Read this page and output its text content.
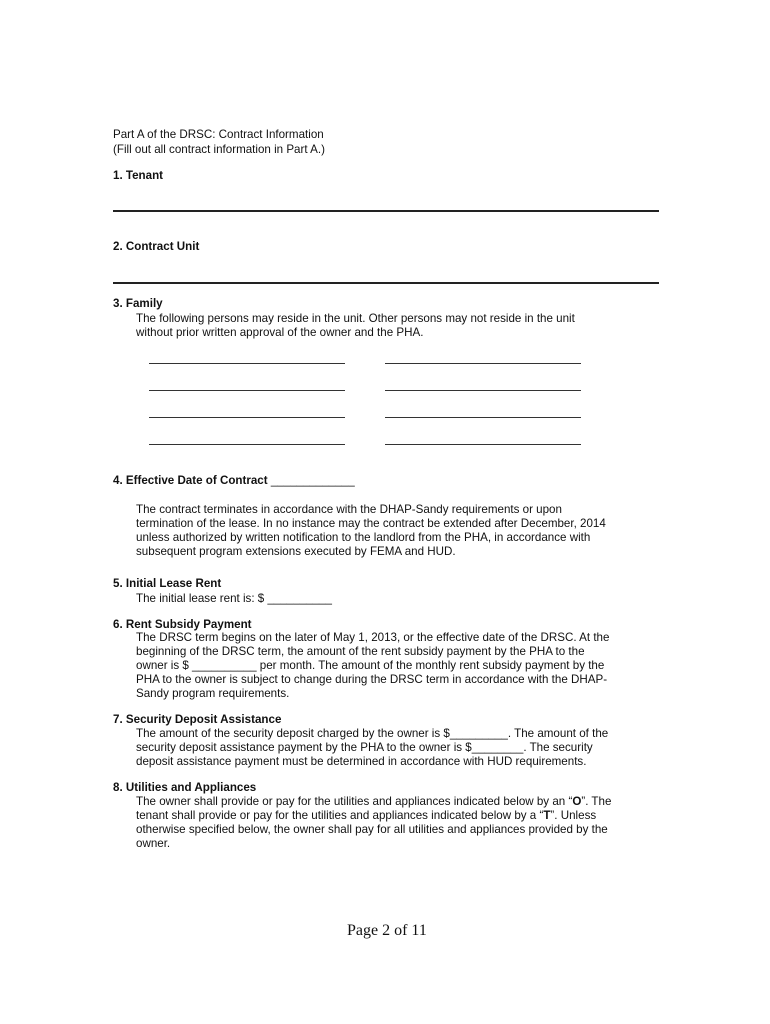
Part A of the DRSC: Contract Information
(Fill out all contract information in Part A.)
1. Tenant
2. Contract Unit
3. Family
The following persons may reside in the unit. Other persons may not reside in the unit
without prior written approval of the owner and the PHA.
4. Effective Date of Contract _____________
The contract terminates in accordance with the DHAP-Sandy requirements or upon
termination of the lease. In no instance may the contract be extended after December, 2014
unless authorized by written notification to the landlord from the PHA, in accordance with
subsequent program extensions executed by FEMA and HUD.
5. Initial Lease Rent
The initial lease rent is: $ __________
6. Rent Subsidy Payment
The DRSC term begins on the later of May 1, 2013, or the effective date of the DRSC. At the
beginning of the DRSC term, the amount of the rent subsidy payment by the PHA to the
owner is $ __________ per month. The amount of the monthly rent subsidy payment by the
PHA to the owner is subject to change during the DRSC term in accordance with the DHAP-
Sandy program requirements.
7. Security Deposit Assistance
The amount of the security deposit charged by the owner is $_________. The amount of the
security deposit assistance payment by the PHA to the owner is $________. The security
deposit assistance payment must be determined in accordance with HUD requirements.
8. Utilities and Appliances
The owner shall provide or pay for the utilities and appliances indicated below by an “O”. The
tenant shall provide or pay for the utilities and appliances indicated below by a “T”. Unless
otherwise specified below, the owner shall pay for all utilities and appliances provided by the
owner.
Page 2 of 11
